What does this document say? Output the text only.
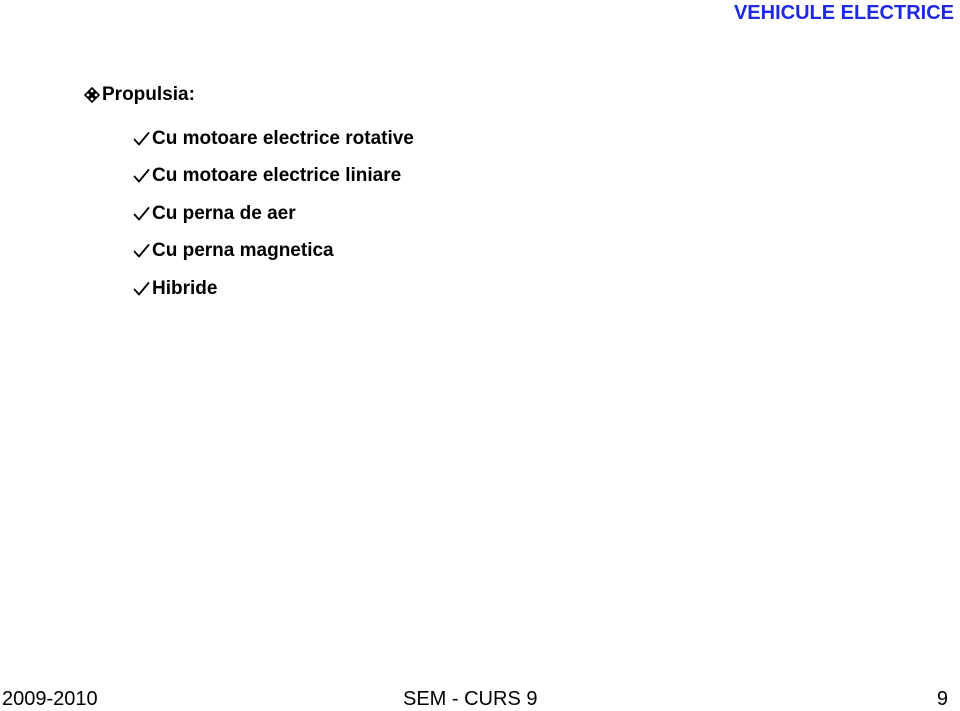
VEHICULE ELECTRICE
Propulsia:
Cu motoare electrice rotative
Cu motoare electrice liniare
Cu perna de aer
Cu perna magnetica
Hibride
2009-2010	SEM - CURS 9	9
